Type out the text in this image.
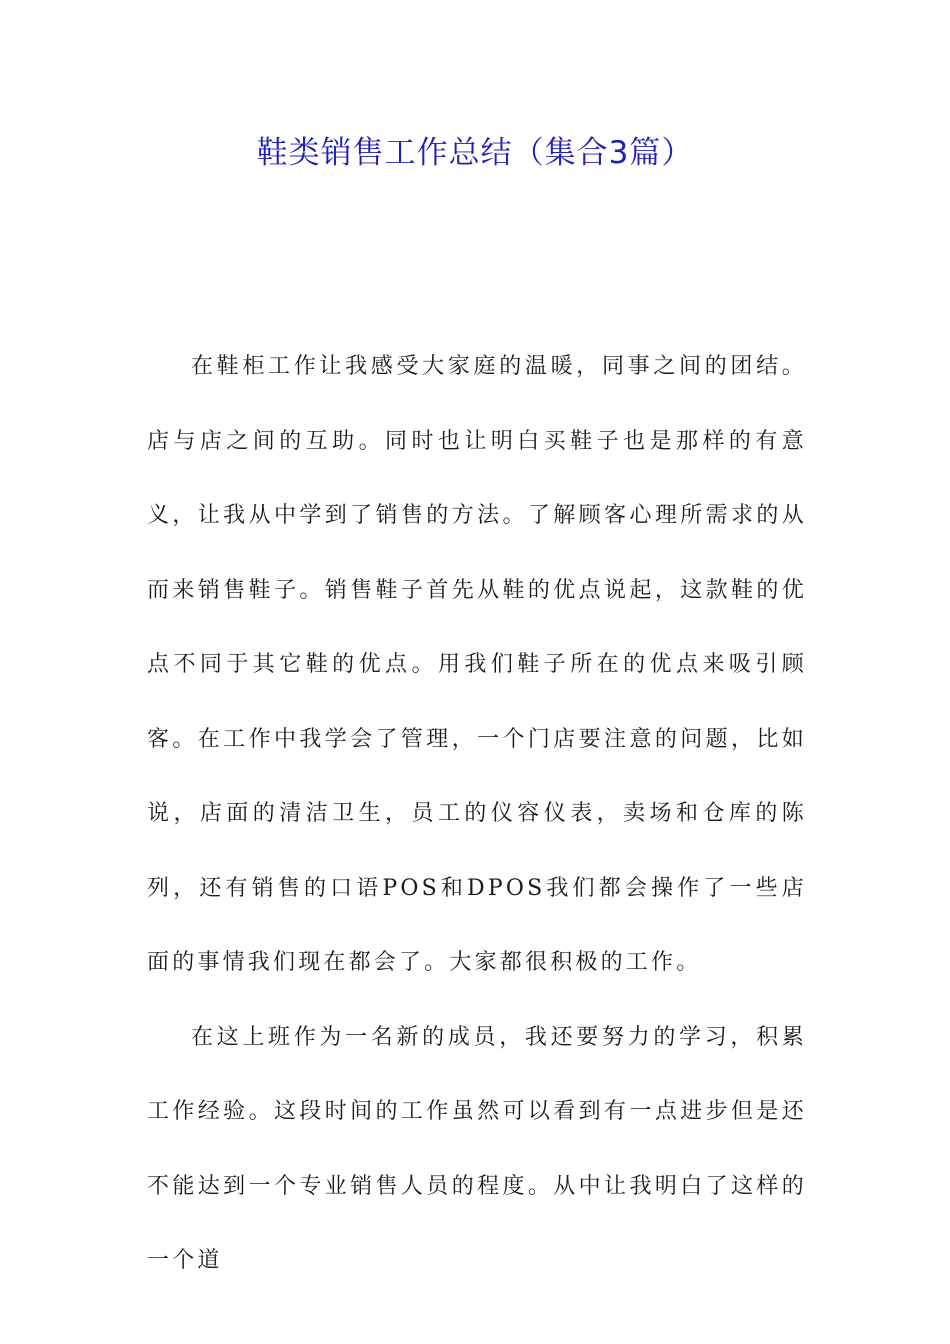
鞋类销售工作总结（集合3篇）

在鞋柜工作让我感受大家庭的温暖，同事之间的团结。店与店之间的互助。同时也让明白买鞋子也是那样的有意义，让我从中学到了销售的方法。了解顾客心理所需求的从而来销售鞋子。销售鞋子首先从鞋的优点说起，这款鞋的优点不同于其它鞋的优点。用我们鞋子所在的优点来吸引顾客。在工作中我学会了管理，一个门店要注意的问题，比如说，店面的清洁卫生，员工的仪容仪表，卖场和仓库的陈列，还有销售的口语POS和DPOS我们都会操作了一些店面的事情我们现在都会了。大家都很积极的工作。

在这上班作为一名新的成员，我还要努力的学习，积累工作经验。这段时间的工作虽然可以看到有一点进步但是还不能达到一个专业销售人员的程度。从中让我明白了这样的一个道
